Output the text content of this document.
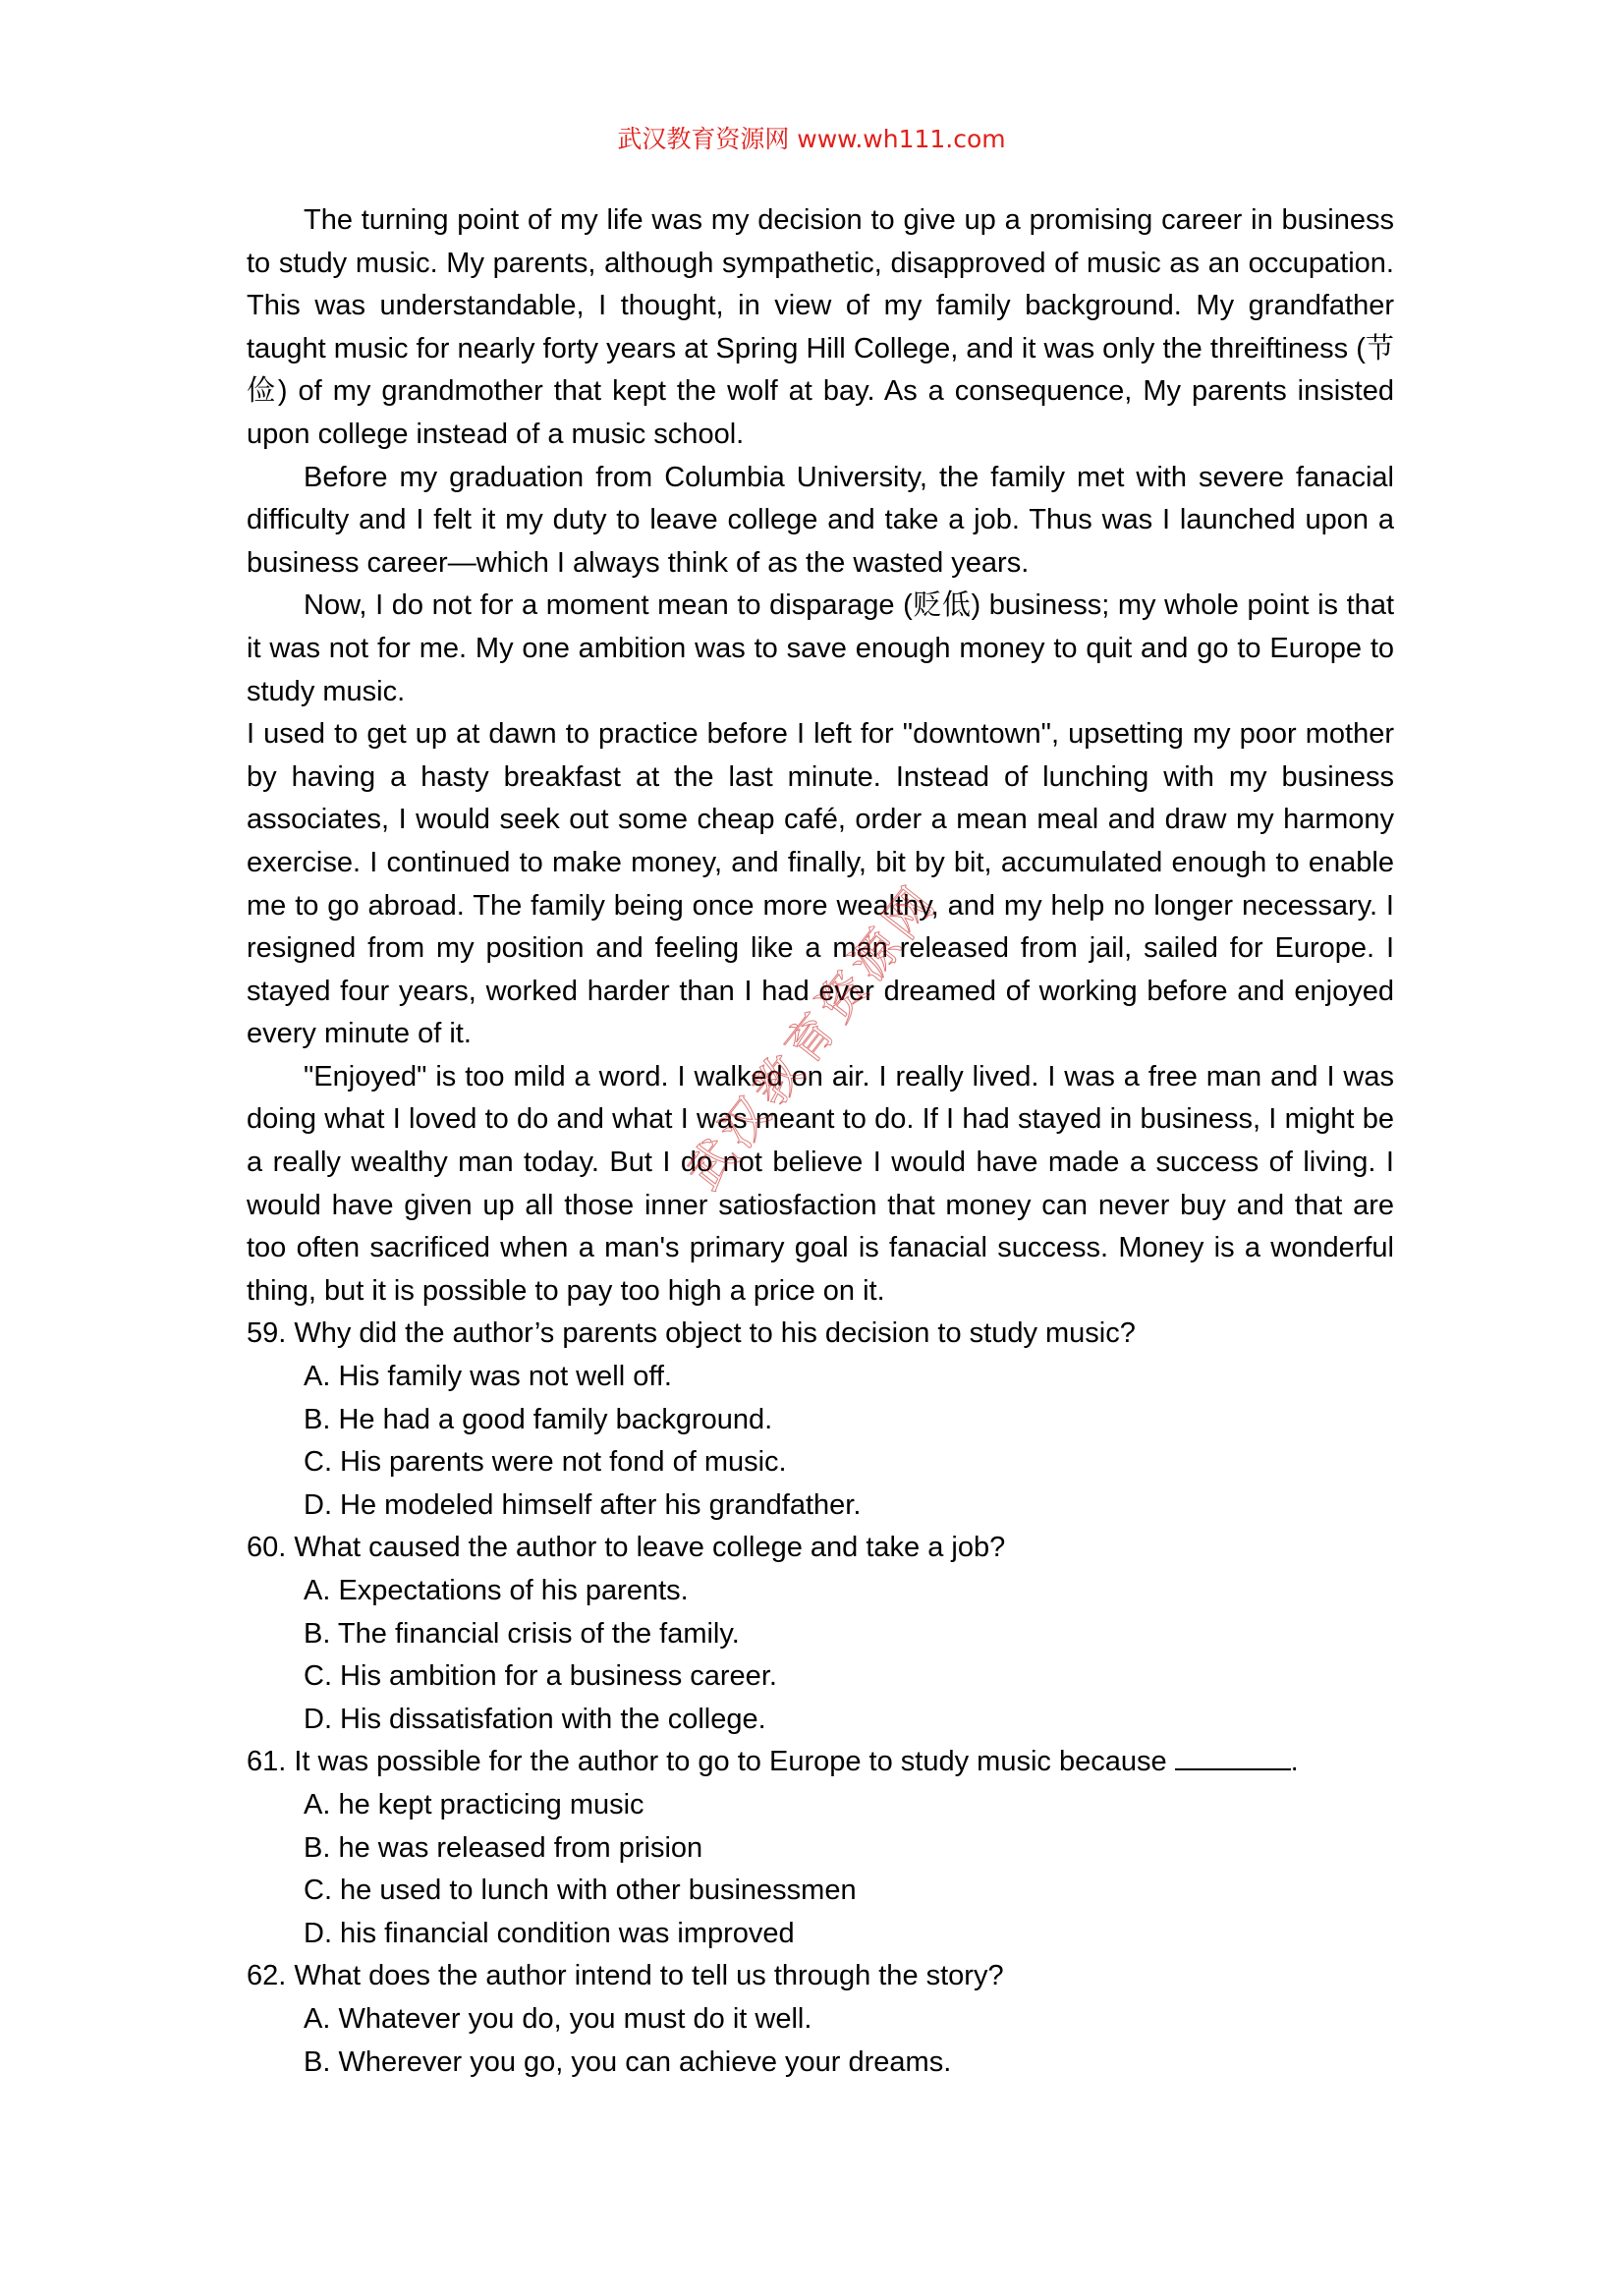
武汉教育资源网 www.wh111.com

The turning point of my life was my decision to give up a promising career in business to study music. My parents, although sympathetic, disapproved of music as an occupation. This was understandable, I thought, in view of my family background. My grandfather taught music for nearly forty years at Spring Hill College, and it was only the threiftiness (节俭) of my grandmother that kept the wolf at bay. As a consequence, My parents insisted upon college instead of a music school.

Before my graduation from Columbia University, the family met with severe fanacial difficulty and I felt it my duty to leave college and take a job. Thus was I launched upon a business career—which I always think of as the wasted years.

Now, I do not for a moment mean to disparage (贬低) business; my whole point is that it was not for me. My one ambition was to save enough money to quit and go to Europe to study music.

I used to get up at dawn to practice before I left for "downtown", upsetting my poor mother by having a hasty breakfast at the last minute. Instead of lunching with my business associates, I would seek out some cheap café, order a mean meal and draw my harmony exercise. I continued to make money, and finally, bit by bit, accumulated enough to enable me to go abroad. The family being once more wealthy, and my help no longer necessary. I resigned from my position and feeling like a man released from jail, sailed for Europe. I stayed four years, worked harder than I had ever dreamed of working before and enjoyed every minute of it.

"Enjoyed" is too mild a word. I walked on air. I really lived. I was a free man and I was doing what I loved to do and what I was meant to do. If I had stayed in business, I might be a really wealthy man today. But I do not believe I would have made a success of living. I would have given up all those inner satiosfaction that money can never buy and that are too often sacrificed when a man's primary goal is fanacial success. Money is a wonderful thing, but it is possible to pay too high a price on it.

59. Why did the author’s parents object to his decision to study music?

A. His family was not well off.

B. He had a good family background.

C. His parents were not fond of music.

D. He modeled himself after his grandfather.

60. What caused the author to leave college and take a job?

A. Expectations of his parents.

B. The financial crisis of the family.

C. His ambition for a business career.

D. His dissatisfation with the college.

61. It was possible for the author to go to Europe to study music because	.

A. he kept practicing music

B. he was released from prision

C. he used to lunch with other businessmen

D. his financial condition was improved

62. What does the author intend to tell us through the story?

A. Whatever you do, you must do it well.

B. Wherever you go, you can achieve your dreams.

武汉教育资源网
